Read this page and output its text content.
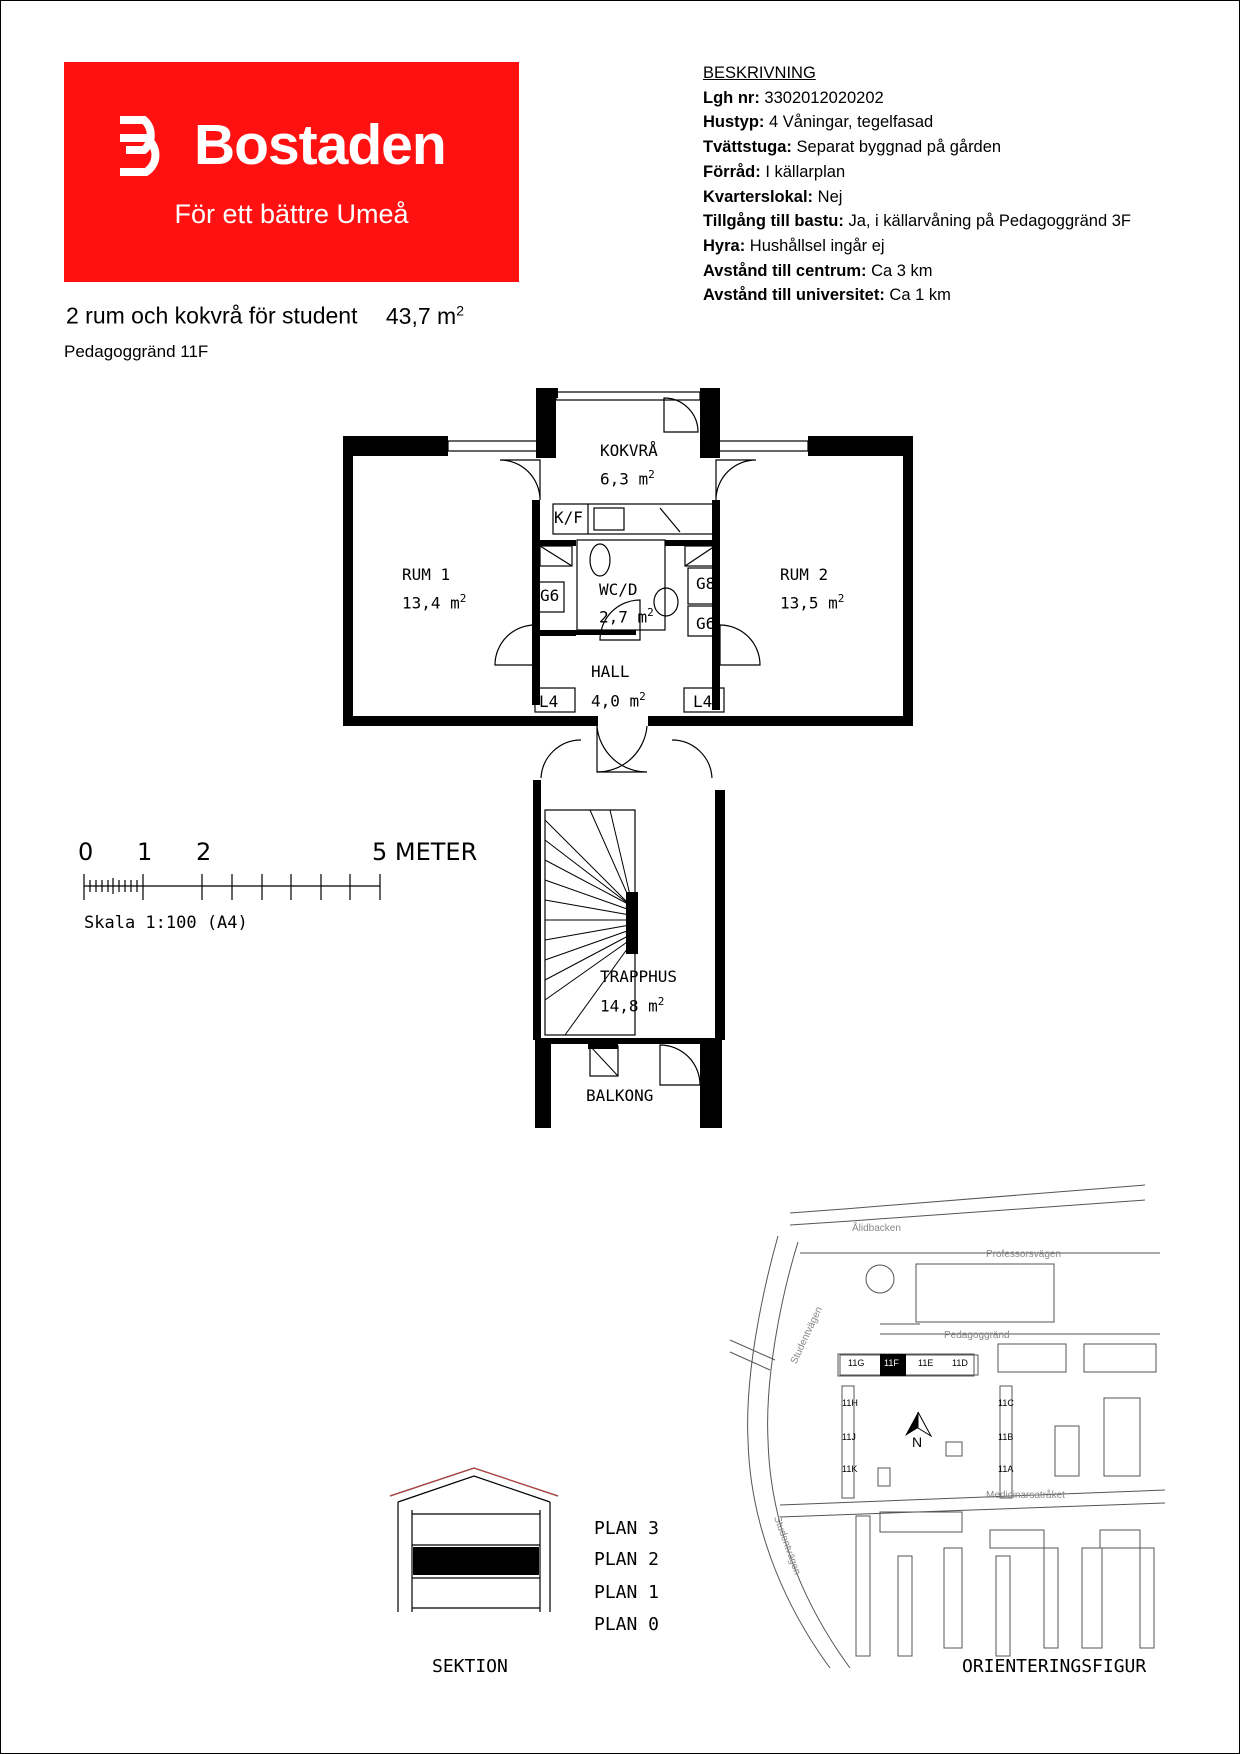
Bostaden
För ett bättre Umeå
2 rum och kokvrå för student 43,7 $m^2$
Pedagoggränd 11F
BESKRIVNING
Lgh nr: 3302012020202
Hustyp: 4 Våningar, tegelfasad
Tvättstuga: Separat byggnad på gården
Förråd: I källarplan
Kvarterslokal: Nej
Tillgång till bastu: Ja, i källarvåning på Pedagoggränd 3F
Hyra: Hushållsel ingår ej
Avstånd till centrum: Ca 3 km
Avstånd till universitet: Ca 1 km
KOKVRÅ
6,3 $m^2$
RUM 1
13,4 $m^2$
RUM 2
13,5 $m^2$
WC/D
2,7 $m^2$
HALL
4,0 $m^2$
TRAPPHUS
14,8 $m^2$
BALKONG
K/F
G6
G8
G6
L4	L4
0 1 2	5 METER
Skala 1:100 (A4)
PLAN 3
PLAN 2
PLAN 1
PLAN 0
SEKTION
Ålidbacken
Professorsvägen
Pedagoggränd
Studentvägen
Medicinarsatråket
Studentvägen
11G 11F 11E 11D
11H
11J
11K
11C
11B
11A
N
ORIENTERINGSFIGUR
